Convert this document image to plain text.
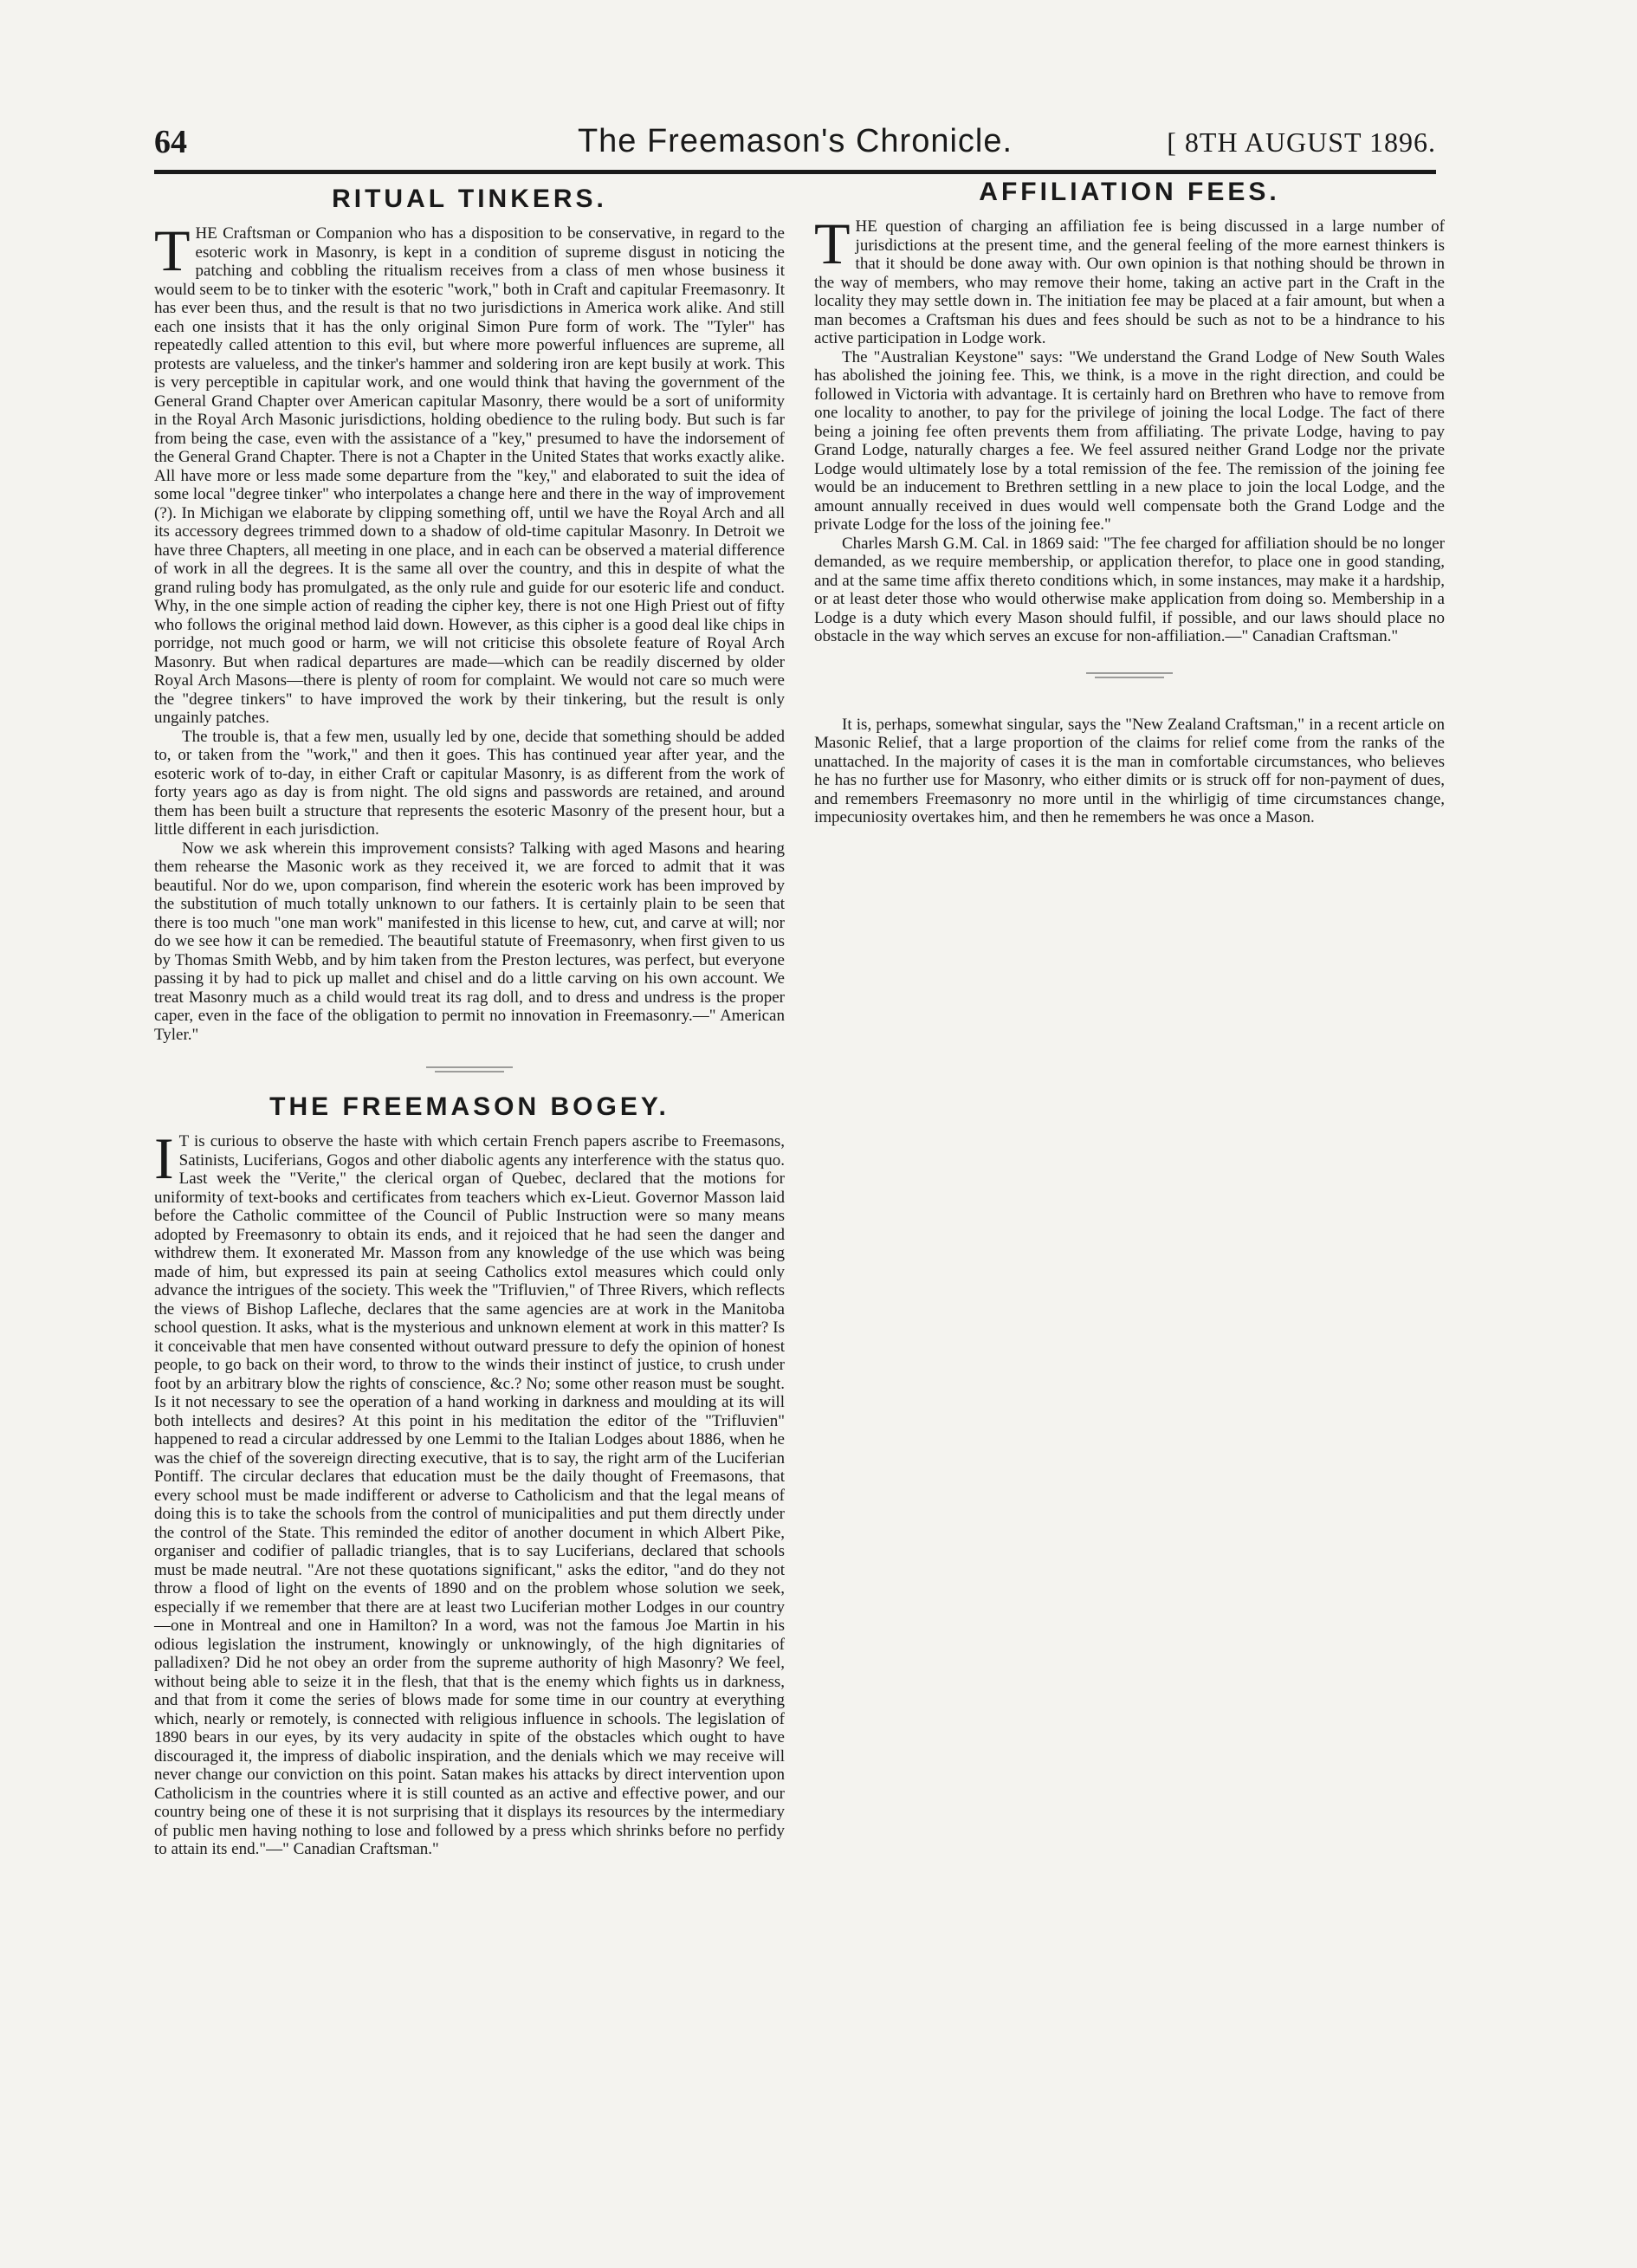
64	The Freemason's Chronicle.	[ 8TH AUGUST 1896.
RITUAL TINKERS.

THE Craftsman or Companion who has a disposition to be conservative, in regard to the esoteric work in Masonry, is kept in a condition of supreme disgust in noticing the patching and cobbling the ritualism receives from a class of men whose business it would seem to be to tinker with the esoteric "work," both in Craft and capitular Freemasonry. It has ever been thus, and the result is that no two jurisdictions in America work alike. And still each one insists that it has the only original Simon Pure form of work. The "Tyler" has repeatedly called attention to this evil, but where more powerful influences are supreme, all protests are valueless, and the tinker's hammer and soldering iron are kept busily at work. This is very perceptible in capitular work, and one would think that having the government of the General Grand Chapter over American capitular Masonry, there would be a sort of uniformity in the Royal Arch Masonic jurisdictions, holding obedience to the ruling body. But such is far from being the case, even with the assistance of a "key," presumed to have the indorsement of the General Grand Chapter. There is not a Chapter in the United States that works exactly alike. All have more or less made some departure from the "key," and elaborated to suit the idea of some local "degree tinker" who interpolates a change here and there in the way of improvement (?). In Michigan we elaborate by clipping something off, until we have the Royal Arch and all its accessory degrees trimmed down to a shadow of old-time capitular Masonry. In Detroit we have three Chapters, all meeting in one place, and in each can be observed a material difference of work in all the degrees. It is the same all over the country, and this in despite of what the grand ruling body has promulgated, as the only rule and guide for our esoteric life and conduct. Why, in the one simple action of reading the cipher key, there is not one High Priest out of fifty who follows the original method laid down. However, as this cipher is a good deal like chips in porridge, not much good or harm, we will not criticise this obsolete feature of Royal Arch Masonry. But when radical departures are made—which can be readily discerned by older Royal Arch Masons—there is plenty of room for complaint. We would not care so much were the "degree tinkers" to have improved the work by their tinkering, but the result is only ungainly patches.

The trouble is, that a few men, usually led by one, decide that something should be added to, or taken from the "work," and then it goes. This has continued year after year, and the esoteric work of to-day, in either Craft or capitular Masonry, is as different from the work of forty years ago as day is from night. The old signs and passwords are retained, and around them has been built a structure that represents the esoteric Masonry of the present hour, but a little different in each jurisdiction.

Now we ask wherein this improvement consists? Talking with aged Masons and hearing them rehearse the Masonic work as they received it, we are forced to admit that it was beautiful. Nor do we, upon comparison, find wherein the esoteric work has been improved by the substitution of much totally unknown to our fathers. It is certainly plain to be seen that there is too much "one man work" manifested in this license to hew, cut, and carve at will; nor do we see how it can be remedied. The beautiful statute of Freemasonry, when first given to us by Thomas Smith Webb, and by him taken from the Preston lectures, was perfect, but everyone passing it by had to pick up mallet and chisel and do a little carving on his own account. We treat Masonry much as a child would treat its rag doll, and to dress and undress is the proper caper, even in the face of the obligation to permit no innovation in Freemasonry.—" American Tyler."

THE FREEMASON BOGEY.

I T is curious to observe the haste with which certain French papers ascribe to Freemasons, Satinists, Luciferians, Gogos and other diabolic agents any interference with the status quo. Last week the "Verite," the clerical organ of Quebec, declared that the motions for uniformity of text-books and certificates from teachers which ex-Lieut. Governor Masson laid before the Catholic committee of the Council of Public Instruction were so many means adopted by Freemasonry to obtain its ends, and it rejoiced that he had seen the danger and withdrew them. It exonerated Mr. Masson from any knowledge of the use which was being made of him, but expressed its pain at seeing Catholics extol measures which could only advance the intrigues of the society. This week the "Trifluvien," of Three Rivers, which reflects the views of Bishop Lafleche, declares that the same agencies are at work in the Manitoba school question. It asks, what is the mysterious and unknown element at work in this matter? Is it conceivable that men have consented without outward pressure to defy the opinion of honest people, to go back on their word, to throw to the winds their instinct of justice, to crush under foot by an arbitrary blow the rights of conscience, &c.? No; some other reason must be sought. Is it not necessary to see the operation of a hand working in darkness and moulding at its will both intellects and desires? At this point in his meditation the editor of the "Trifluvien" happened to read a circular addressed by one Lemmi to the Italian Lodges about 1886, when he was the chief of the sovereign directing executive, that is to say, the right arm of the Luciferian Pontiff. The circular declares that education must be the daily thought of Freemasons, that every school must be made indifferent or adverse to Catholicism and that the legal means of doing this is to take the schools from the control of municipalities and put them directly under the control of the State. This reminded the editor of another document in which Albert Pike, organiser and codifier of palladic triangles, that is to say Luciferians, declared that schools must be made neutral. "Are not these quotations significant," asks the editor, "and do they not throw a flood of light on the events of 1890 and on the problem whose solution we seek, especially if we remember that there are at least two Luciferian mother Lodges in our country—one in Montreal and one in Hamilton? In a word, was not the famous Joe Martin in his odious legislation the instrument, knowingly or unknowingly, of the high dignitaries of palladixen? Did he not obey an order from the supreme authority of high Masonry? We feel, without being able to seize it in the flesh, that that is the enemy which fights us in darkness, and that from it come the series of blows made for some time in our country at everything which, nearly or remotely, is connected with religious influence in schools. The legislation of 1890 bears in our eyes, by its very audacity in spite of the obstacles which ought to have discouraged it, the impress of diabolic inspiration, and the denials which we may receive will never change our conviction on this point. Satan makes his attacks by direct intervention upon Catholicism in the countries where it is still counted as an active and effective power, and our country being one of these it is not surprising that it displays its resources by the intermediary of public men having nothing to lose and followed by a press which shrinks before no perfidy to attain its end."—" Canadian Craftsman."

AFFILIATION FEES.

THE question of charging an affiliation fee is being discussed in a large number of jurisdictions at the present time, and the general feeling of the more earnest thinkers is that it should be done away with. Our own opinion is that nothing should be thrown in the way of members, who may remove their home, taking an active part in the Craft in the locality they may settle down in. The initiation fee may be placed at a fair amount, but when a man becomes a Craftsman his dues and fees should be such as not to be a hindrance to his active participation in Lodge work.

The "Australian Keystone" says: "We understand the Grand Lodge of New South Wales has abolished the joining fee. This, we think, is a move in the right direction, and could be followed in Victoria with advantage. It is certainly hard on Brethren who have to remove from one locality to another, to pay for the privilege of joining the local Lodge. The fact of there being a joining fee often prevents them from affiliating. The private Lodge, having to pay Grand Lodge, naturally charges a fee. We feel assured neither Grand Lodge nor the private Lodge would ultimately lose by a total remission of the fee. The remission of the joining fee would be an inducement to Brethren settling in a new place to join the local Lodge, and the amount annually received in dues would well compensate both the Grand Lodge and the private Lodge for the loss of the joining fee."

Charles Marsh G.M. Cal. in 1869 said: "The fee charged for affiliation should be no longer demanded, as we require membership, or application therefor, to place one in good standing, and at the same time affix thereto conditions which, in some instances, may make it a hardship, or at least deter those who would otherwise make application from doing so. Membership in a Lodge is a duty which every Mason should fulfil, if possible, and our laws should place no obstacle in the way which serves an excuse for non-affiliation.—" Canadian Craftsman."

It is, perhaps, somewhat singular, says the "New Zealand Craftsman," in a recent article on Masonic Relief, that a large proportion of the claims for relief come from the ranks of the unattached. In the majority of cases it is the man in comfortable circumstances, who believes he has no further use for Masonry, who either dimits or is struck off for non-payment of dues, and remembers Freemasonry no more until in the whirligig of time circumstances change, impecuniosity overtakes him, and then he remembers he was once a Mason.
